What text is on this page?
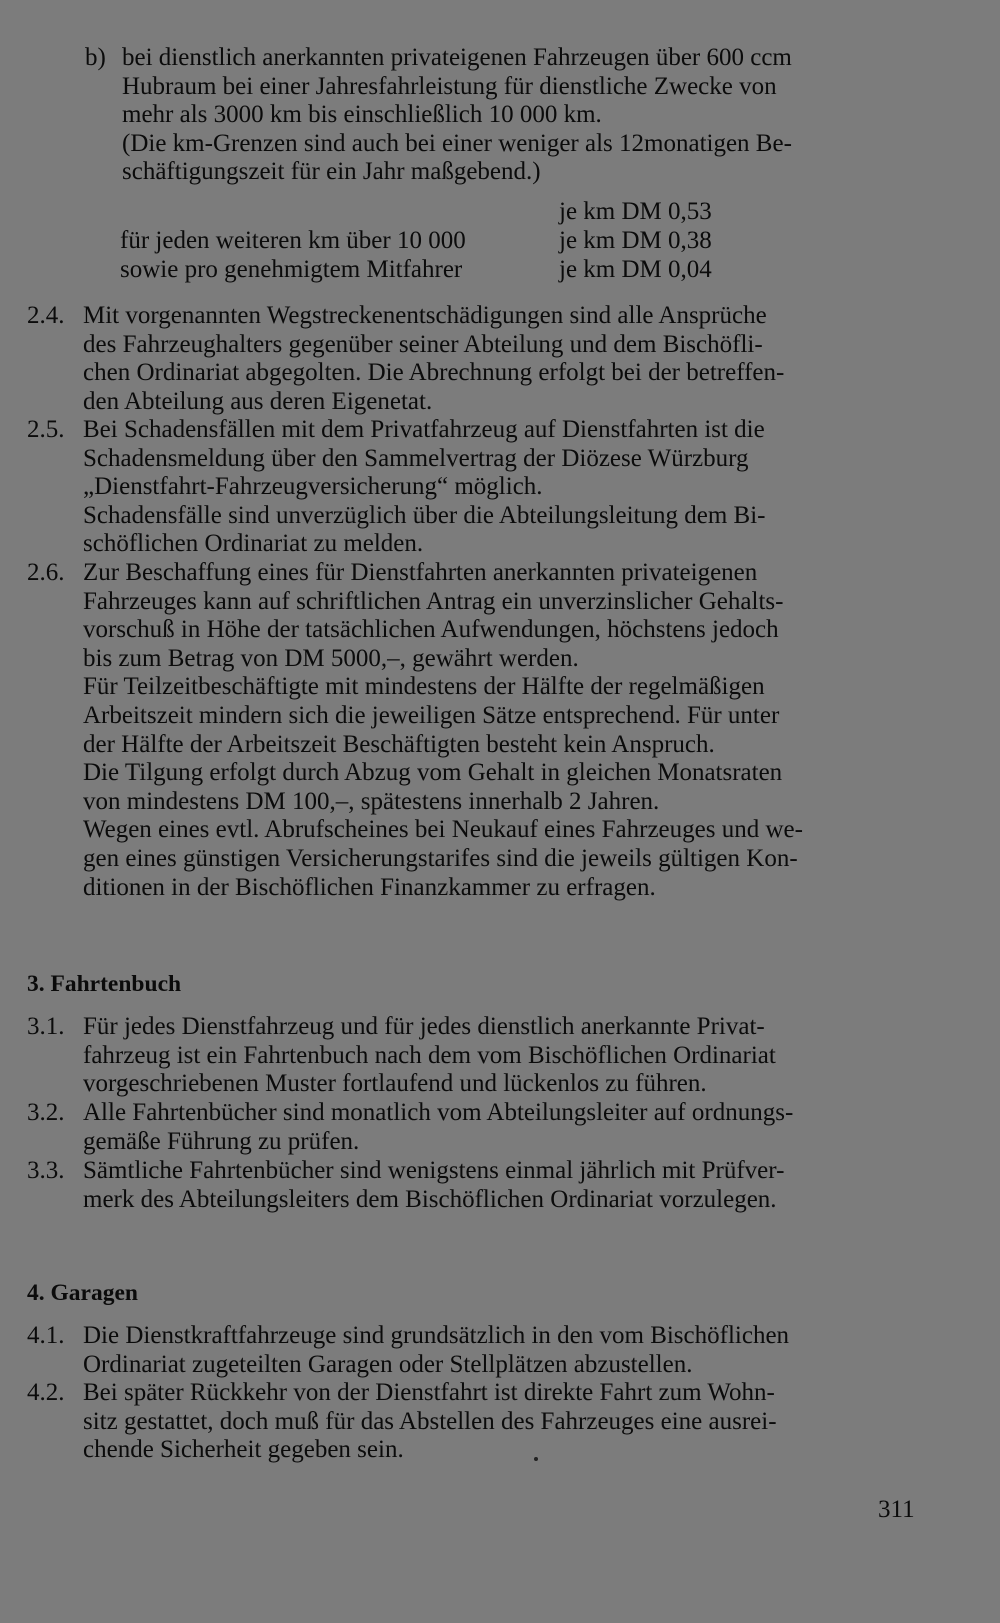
b) bei dienstlich anerkannten privateigenen Fahrzeugen über 600 ccm
Hubraum bei einer Jahresfahrleistung für dienstliche Zwecke von
mehr als 3000 km bis einschließlich 10 000 km.
(Die km-Grenzen sind auch bei einer weniger als 12monatigen Be-
schäftigungszeit für ein Jahr maßgebend.)
je km DM 0,53
für jeden weiteren km über 10 000	je km DM 0,38
sowie pro genehmigtem Mitfahrer	je km DM 0,04
2.4. Mit vorgenannten Wegstreckenentschädigungen sind alle Ansprüche
des Fahrzeughalters gegenüber seiner Abteilung und dem Bischöfli-
chen Ordinariat abgegolten. Die Abrechnung erfolgt bei der betreffen-
den Abteilung aus deren Eigenetat.
2.5. Bei Schadensfällen mit dem Privatfahrzeug auf Dienstfahrten ist die
Schadensmeldung über den Sammelvertrag der Diözese Würzburg
„Dienstfahrt-Fahrzeugversicherung“ möglich.
Schadensfälle sind unverzüglich über die Abteilungsleitung dem Bi-
schöflichen Ordinariat zu melden.
2.6. Zur Beschaffung eines für Dienstfahrten anerkannten privateigenen
Fahrzeuges kann auf schriftlichen Antrag ein unverzinslicher Gehalts-
vorschuß in Höhe der tatsächlichen Aufwendungen, höchstens jedoch
bis zum Betrag von DM 5000,–, gewährt werden.
Für Teilzeitbeschäftigte mit mindestens der Hälfte der regelmäßigen
Arbeitszeit mindern sich die jeweiligen Sätze entsprechend. Für unter
der Hälfte der Arbeitszeit Beschäftigten besteht kein Anspruch.
Die Tilgung erfolgt durch Abzug vom Gehalt in gleichen Monatsraten
von mindestens DM 100,–, spätestens innerhalb 2 Jahren.
Wegen eines evtl. Abrufscheines bei Neukauf eines Fahrzeuges und we-
gen eines günstigen Versicherungstarifes sind die jeweils gültigen Kon-
ditionen in der Bischöflichen Finanzkammer zu erfragen.
3. Fahrtenbuch
3.1. Für jedes Dienstfahrzeug und für jedes dienstlich anerkannte Privat-
fahrzeug ist ein Fahrtenbuch nach dem vom Bischöflichen Ordinariat
vorgeschriebenen Muster fortlaufend und lückenlos zu führen.
3.2. Alle Fahrtenbücher sind monatlich vom Abteilungsleiter auf ordnungs-
gemäße Führung zu prüfen.
3.3. Sämtliche Fahrtenbücher sind wenigstens einmal jährlich mit Prüfver-
merk des Abteilungsleiters dem Bischöflichen Ordinariat vorzulegen.
4. Garagen
4.1. Die Dienstkraftfahrzeuge sind grundsätzlich in den vom Bischöflichen
Ordinariat zugeteilten Garagen oder Stellplätzen abzustellen.
4.2. Bei später Rückkehr von der Dienstfahrt ist direkte Fahrt zum Wohn-
sitz gestattet, doch muß für das Abstellen des Fahrzeuges eine ausrei-
chende Sicherheit gegeben sein.
311
